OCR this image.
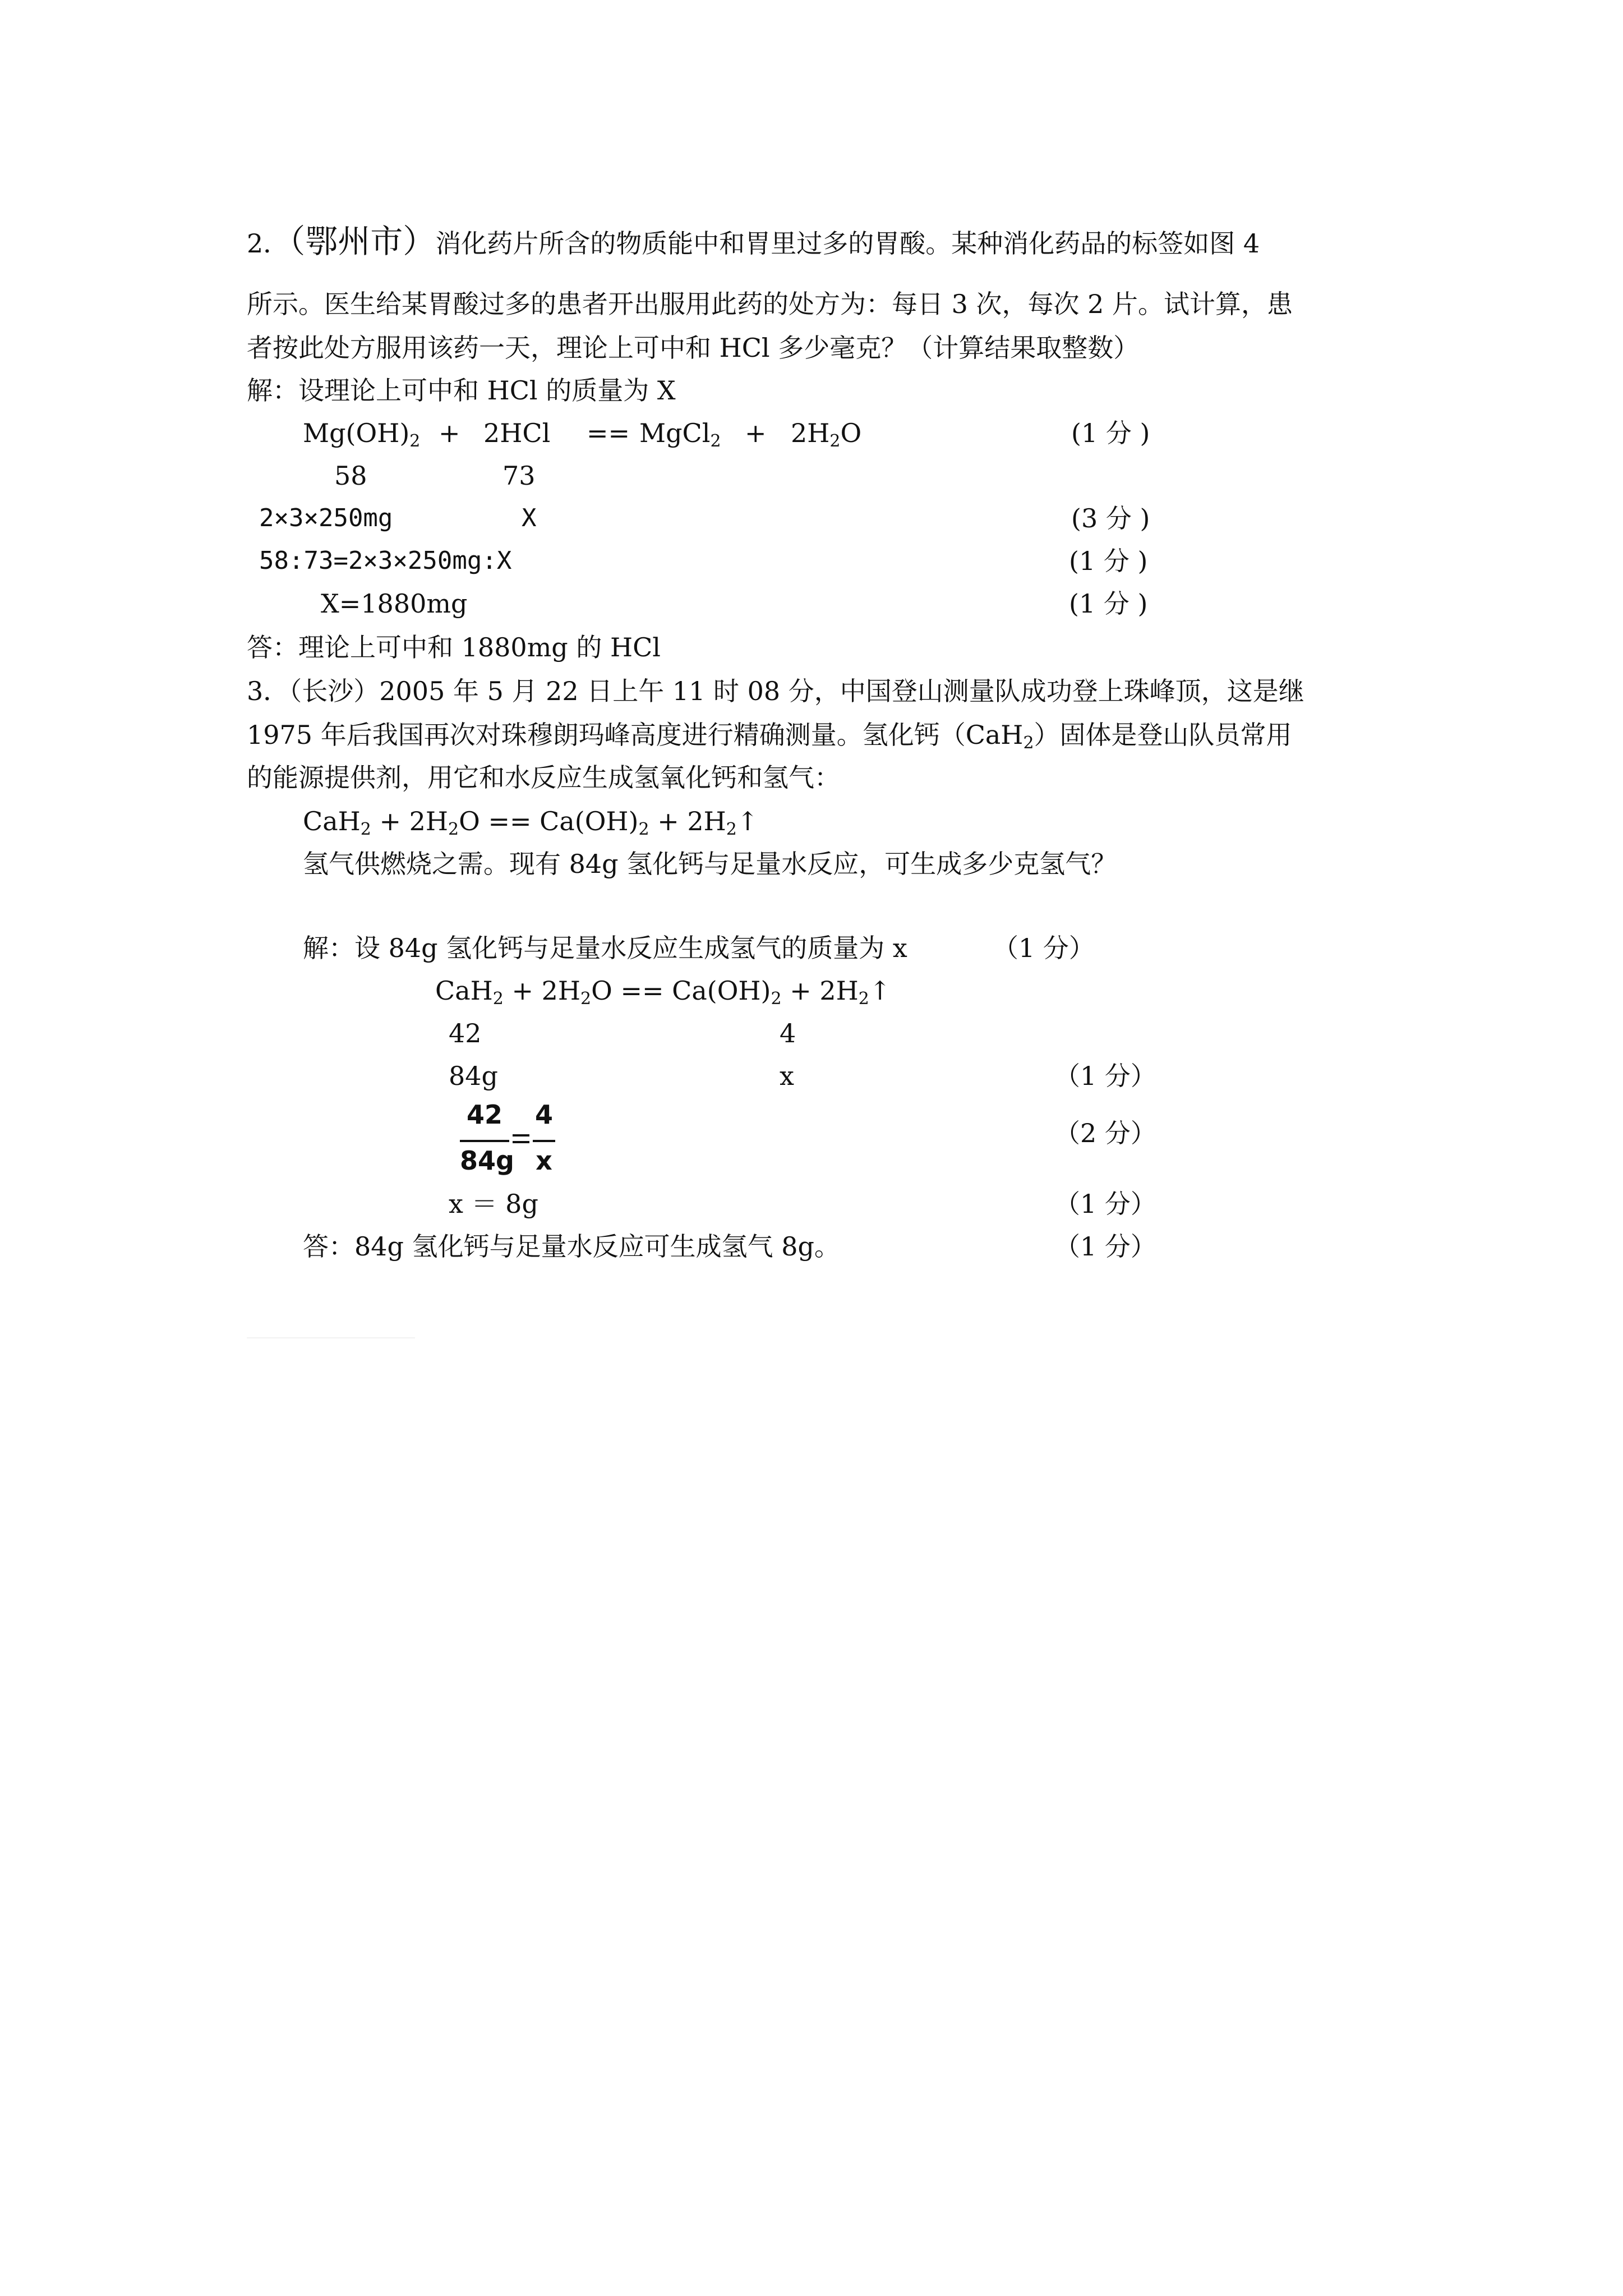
2．（鄂州市）消化药片所含的物质能中和胃里过多的胃酸。某种消化药品的标签如图 4
所示。医生给某胃酸过多的患者开出服用此药的处方为：每日 3 次，每次 2 片。试计算，患
者按此处方服用该药一天，理论上可中和 HCl 多少毫克？（计算结果取整数）
解：设理论上可中和 HCl 的质量为 X
$Mg(OH)_2 + 2HCl$ == MgCl$_2$ + $2H_2O$	(1 分 )
58	73
2×3×250mg	X	(3 分 )
58:73=2×3×250mg:X	(1 分 )
X=1880mg	(1 分 )
答：理论上可中和 1880mg 的 HCl
3．（长沙）2005 年 5 月 22 日上午 11 时 08 分，中国登山测量队成功登上珠峰顶，这是继
1975 年后我国再次对珠穆朗玛峰高度进行精确测量。氢化钙（CaH$_2$）固体是登山队员常用
的能源提供剂，用它和水反应生成氢氧化钙和氢气：
$CaH_2 + 2H_2O == Ca(OH)_2$ + $2H_2↑$
氢气供燃烧之需。现有 84g 氢化钙与足量水反应，可生成多少克氢气？
解：设 84g 氢化钙与足量水反应生成氢气的质量为 x	（1 分）
$CaH_2 + 2H_2O == Ca(OH)_2$ + $2H_2↑$
42	4
84g	x	（1 分）
42
84g
4
x
（2 分）
x ＝ 8g	（1 分）
答：84g 氢化钙与足量水反应可生成氢气 8g。	（1 分）
